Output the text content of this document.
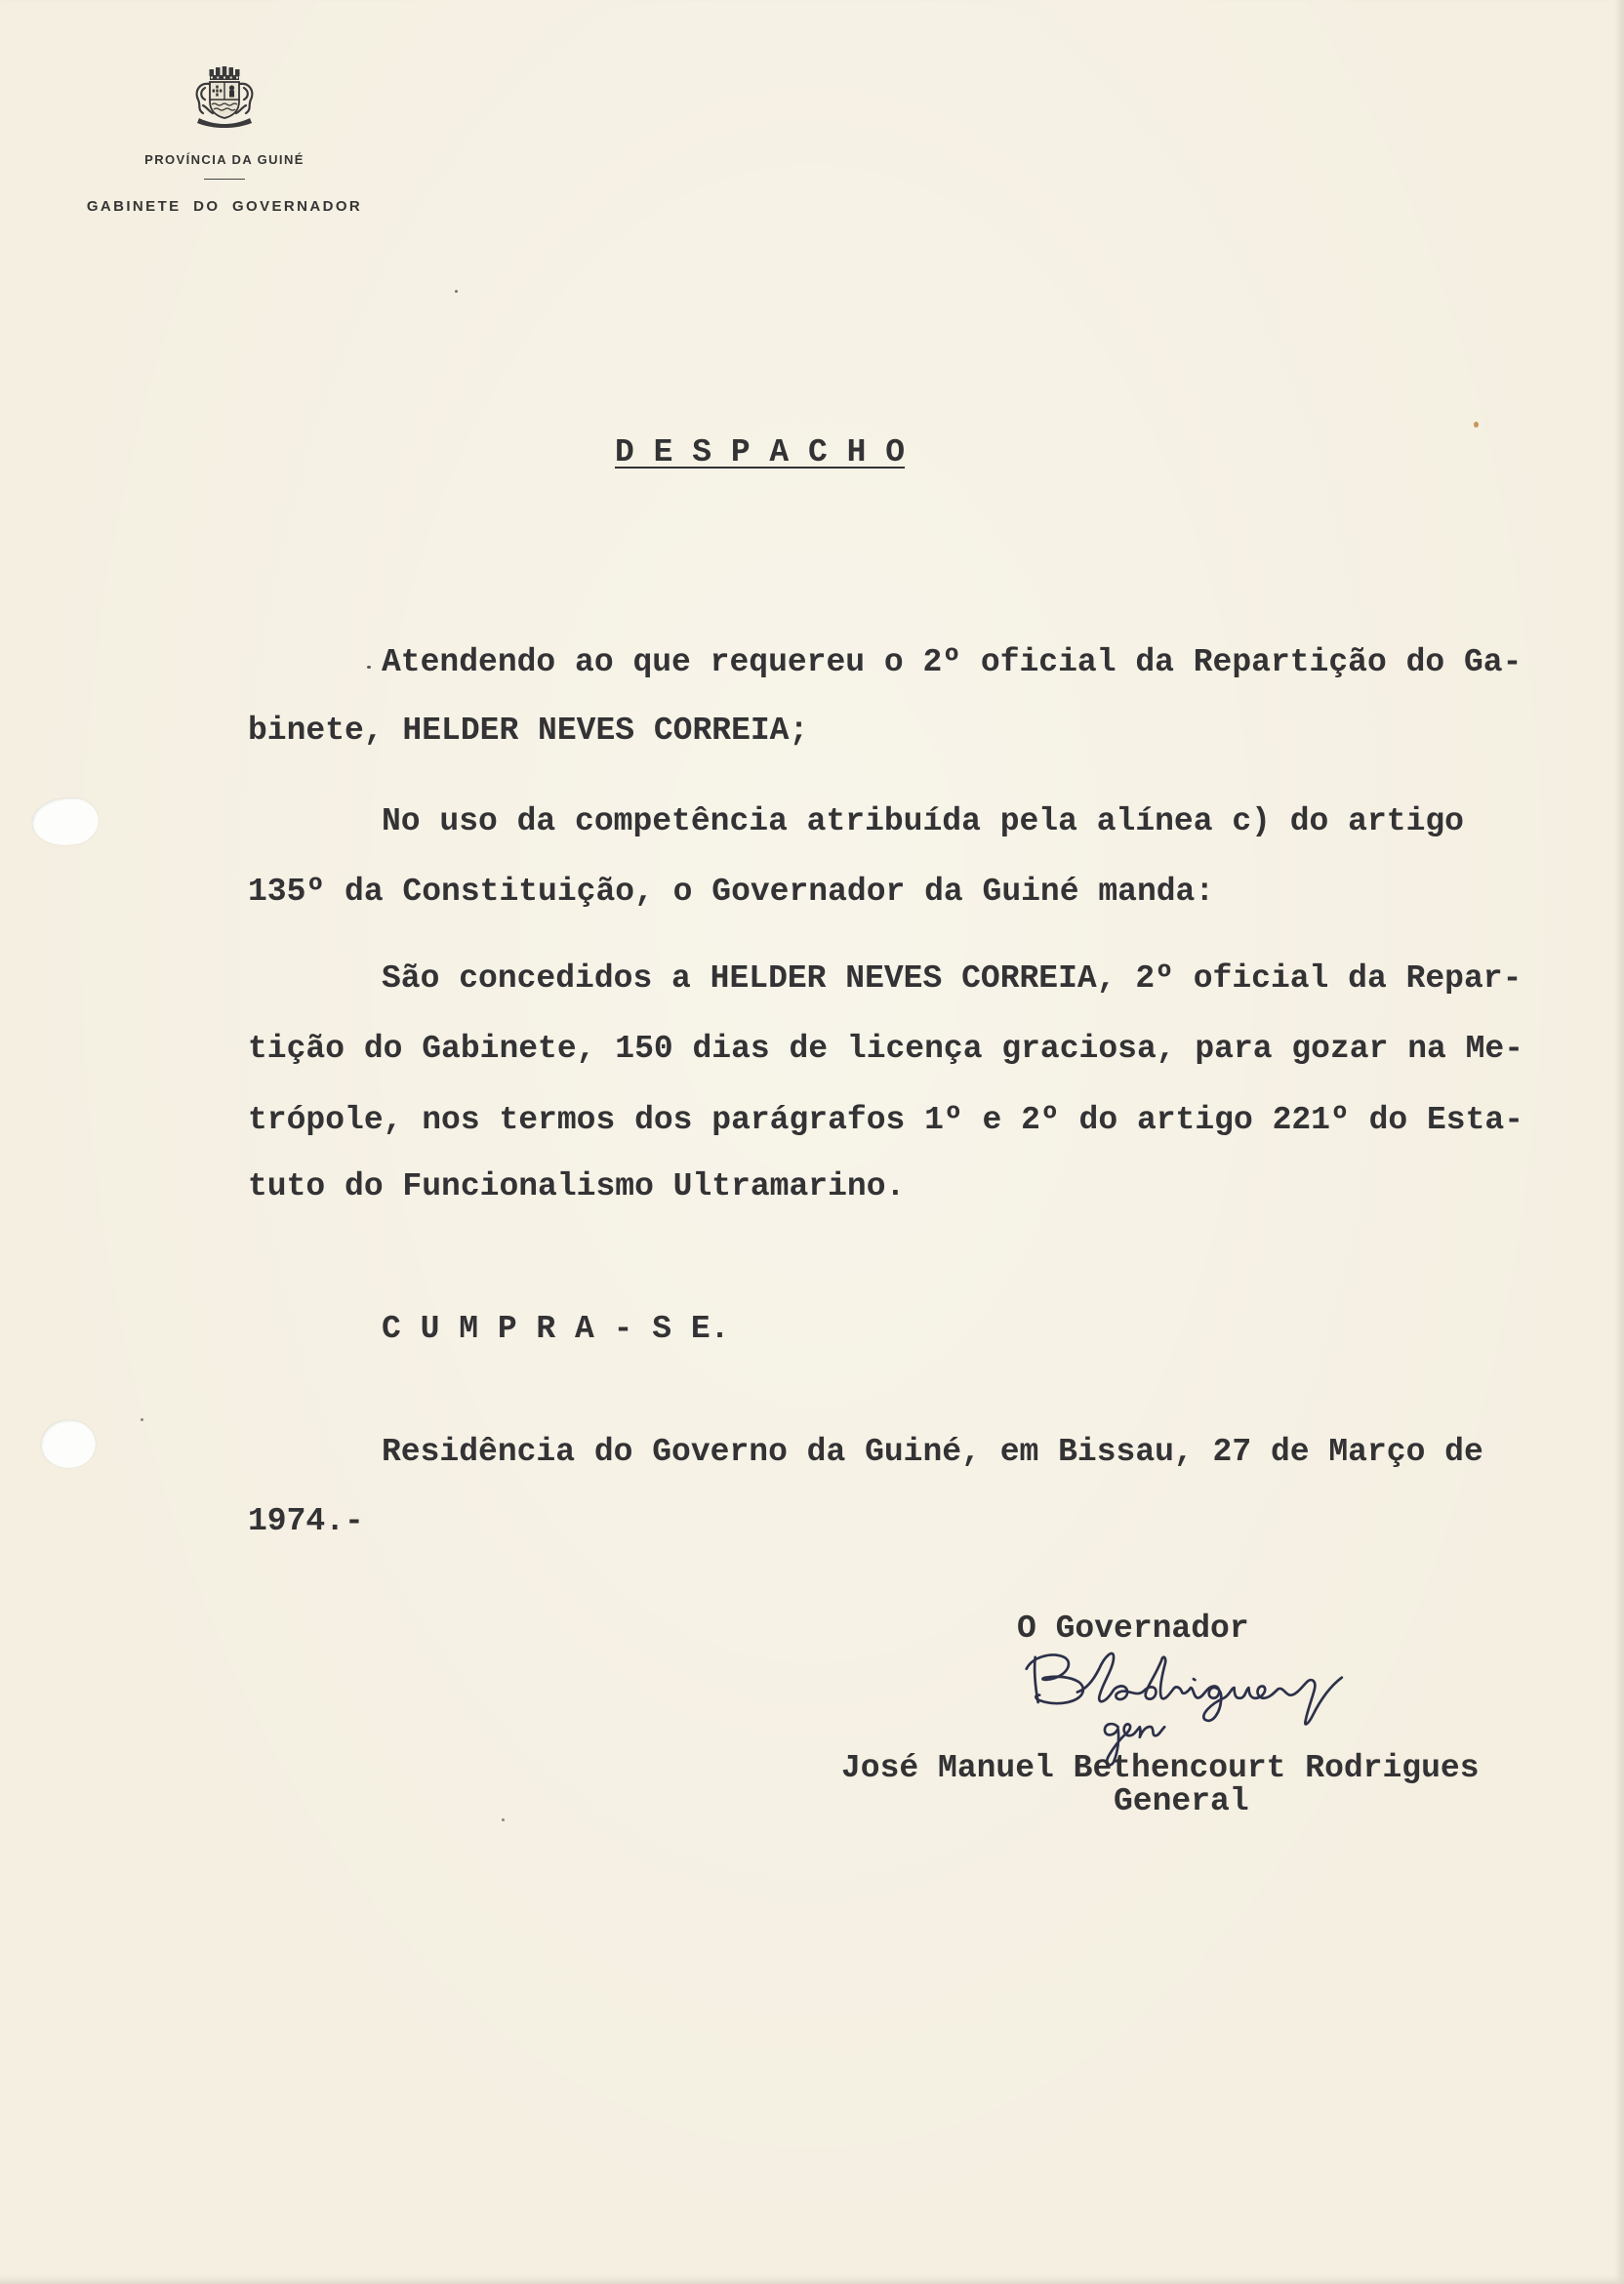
PROVÍNCIA DA GUINÉ
GABINETE DO GOVERNADOR
D E S P A C H O
Atendendo ao que requereu o 2º oficial da Repartição do Ga-
binete, HELDER NEVES CORREIA;
No uso da competência atribuída pela alínea c) do artigo
135º da Constituição, o Governador da Guiné manda:
São concedidos a HELDER NEVES CORREIA, 2º oficial da Repar-
tição do Gabinete, 150 dias de licença graciosa, para gozar na Me-
trópole, nos termos dos parágrafos 1º e 2º do artigo 221º do Esta-
tuto do Funcionalismo Ultramarino.
C U M P R A - S E.
Residência do Governo da Guiné, em Bissau, 27 de Março de
1974.-
O Governador
José Manuel Bethencourt Rodrigues
General
